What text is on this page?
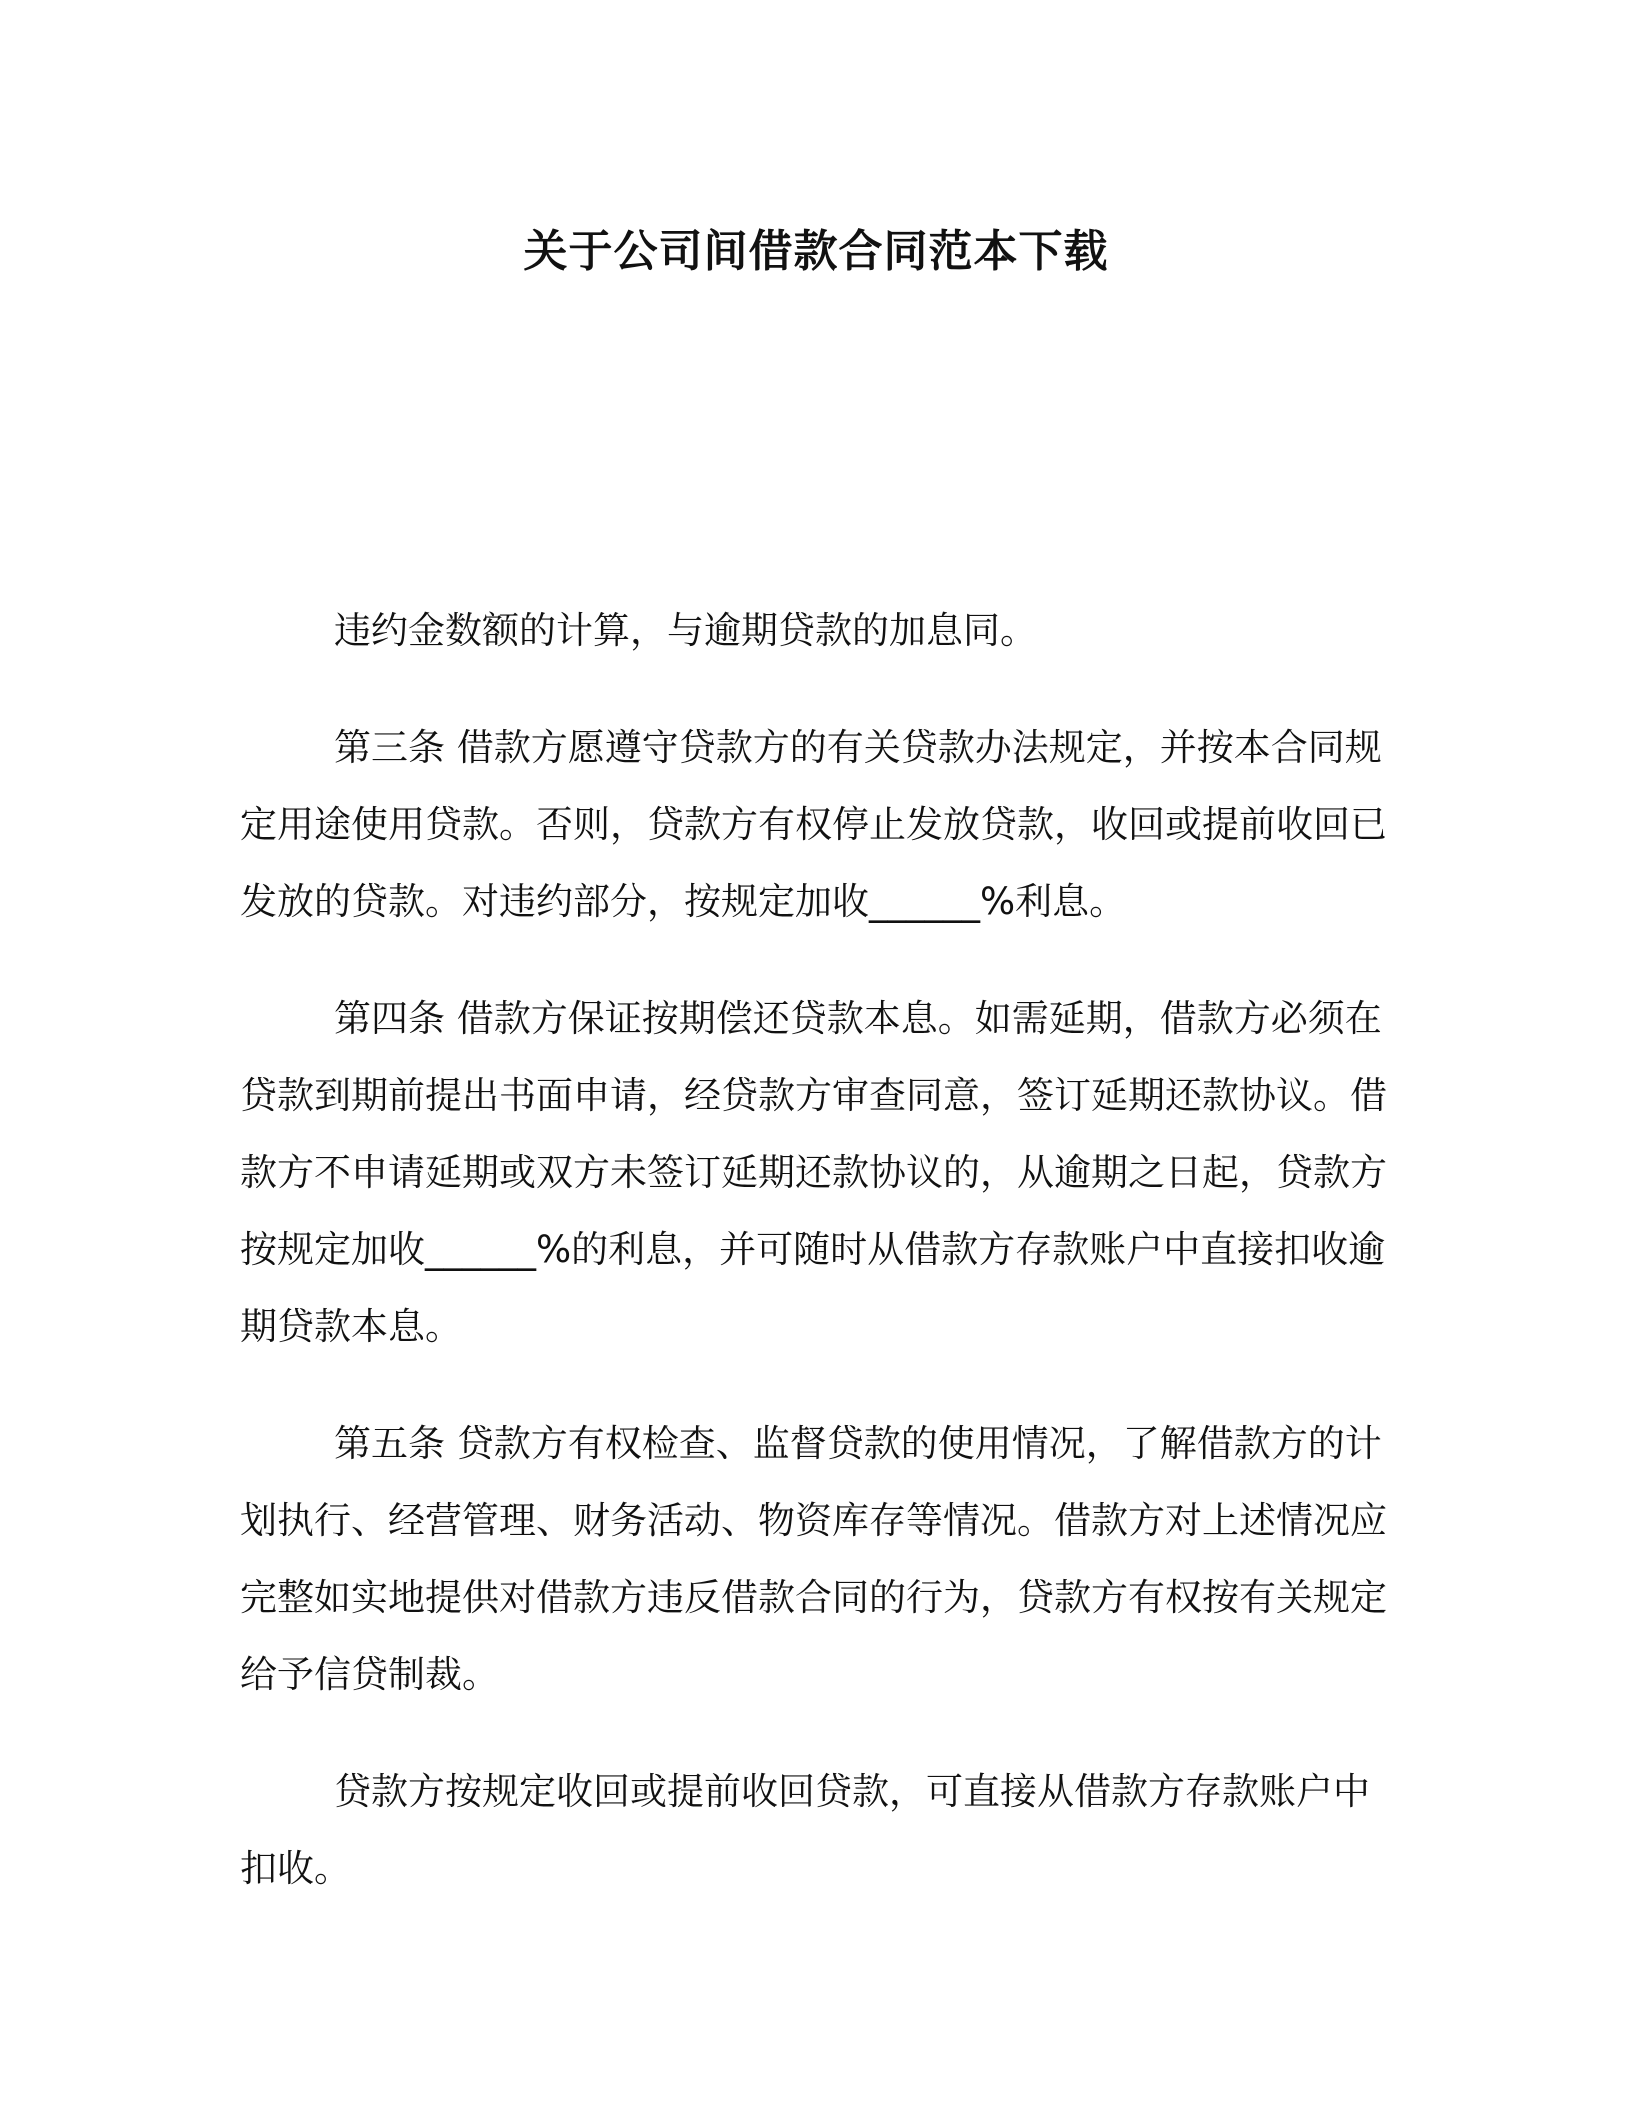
关于公司间借款合同范本下载

违约金数额的计算，与逾期贷款的加息同。

第三条 借款方愿遵守贷款方的有关贷款办法规定，并按本合同规定用途使用贷款。否则，贷款方有权停止发放贷款，收回或提前收回已发放的贷款。对违约部分，按规定加收______%利息。

第四条 借款方保证按期偿还贷款本息。如需延期，借款方必须在贷款到期前提出书面申请，经贷款方审查同意，签订延期还款协议。借款方不申请延期或双方未签订延期还款协议的，从逾期之日起，贷款方按规定加收______%的利息，并可随时从借款方存款账户中直接扣收逾期贷款本息。

第五条 贷款方有权检查、监督贷款的使用情况，了解借款方的计划执行、经营管理、财务活动、物资库存等情况。借款方对上述情况应完整如实地提供对借款方违反借款合同的行为，贷款方有权按有关规定给予信贷制裁。

贷款方按规定收回或提前收回贷款，可直接从借款方存款账户中扣收。
